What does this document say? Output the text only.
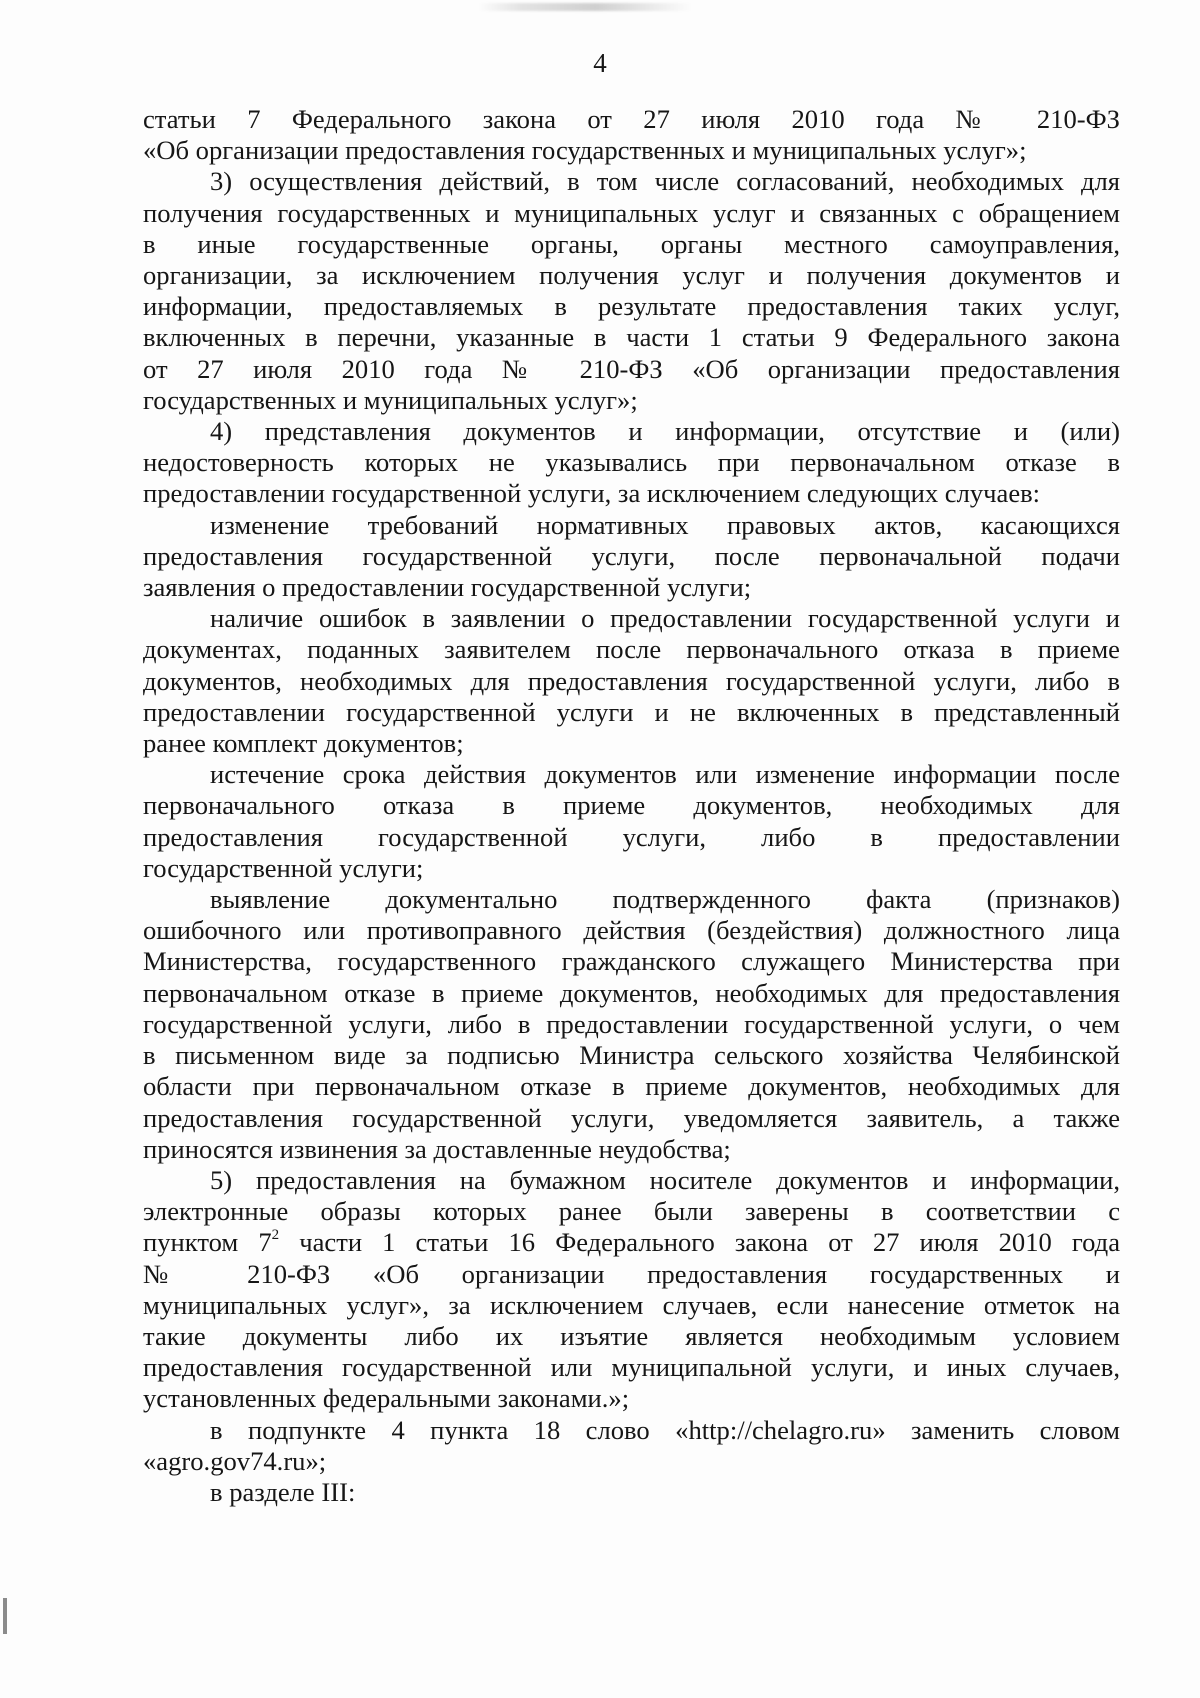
4

статьи 7 Федерального закона от 27 июля 2010 года № 210-ФЗ

«Об организации предоставления государственных и муниципальных услуг»;

3) осуществления действий, в том числе согласований, необходимых для

получения государственных и муниципальных услуг и связанных с обращением

в иные государственные органы, органы местного самоуправления,

организации, за исключением получения услуг и получения документов и

информации, предоставляемых в результате предоставления таких услуг,

включенных в перечни, указанные в части 1 статьи 9 Федерального закона

от 27 июля 2010 года № 210-ФЗ «Об организации предоставления

государственных и муниципальных услуг»;

4) представления документов и информации, отсутствие и (или)

недостоверность которых не указывались при первоначальном отказе в

предоставлении государственной услуги, за исключением следующих случаев:

изменение требований нормативных правовых актов, касающихся

предоставления государственной услуги, после первоначальной подачи

заявления о предоставлении государственной услуги;

наличие ошибок в заявлении о предоставлении государственной услуги и

документах, поданных заявителем после первоначального отказа в приеме

документов, необходимых для предоставления государственной услуги, либо в

предоставлении государственной услуги и не включенных в представленный

ранее комплект документов;

истечение срока действия документов или изменение информации после

первоначального отказа в приеме документов, необходимых для

предоставления государственной услуги, либо в предоставлении

государственной услуги;

выявление документально подтвержденного факта (признаков)

ошибочного или противоправного действия (бездействия) должностного лица

Министерства, государственного гражданского служащего Министерства при

первоначальном отказе в приеме документов, необходимых для предоставления

государственной услуги, либо в предоставлении государственной услуги, о чем

в письменном виде за подписью Министра сельского хозяйства Челябинской

области при первоначальном отказе в приеме документов, необходимых для

предоставления государственной услуги, уведомляется заявитель, а также

приносятся извинения за доставленные неудобства;

5) предоставления на бумажном носителе документов и информации,

электронные образы которых ранее были заверены в соответствии с

пунктом $7^2$ части 1 статьи 16 Федерального закона от 27 июля 2010 года

№ 210-ФЗ «Об организации предоставления государственных и

муниципальных услуг», за исключением случаев, если нанесение отметок на

такие документы либо их изъятие является необходимым условием

предоставления государственной или муниципальной услуги, и иных случаев,

установленных федеральными законами.»;

в подпункте 4 пункта 18 слово «http://chelagro.ru» заменить словом

«agro.gov74.ru»;

в разделе III:
